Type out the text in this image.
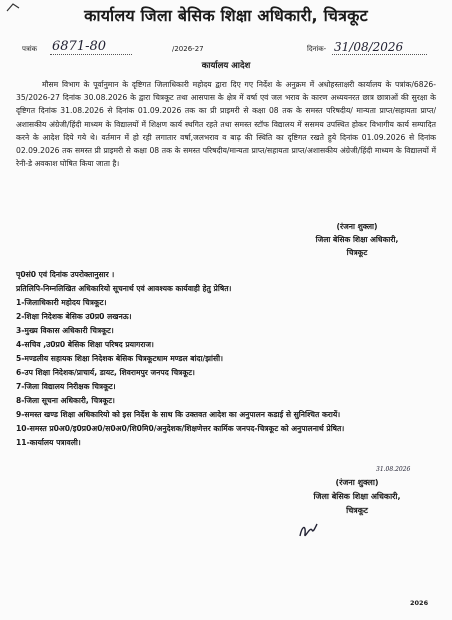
कार्यालय जिला बेसिक शिक्षा अधिकारी, चित्रकूट
पत्रांक 6871-80	/2026-27	दिनांक- 31/08/2026
कार्यालय आदेश
मौसम विभाग के पूर्वानुमान के दृष्टिगत जिलाधिकारी महोदय द्वारा दिए गए निर्देश के अनुक्रम में अधोहस्ताक्षरी कार्यालय के पत्रांक/6826-35/2026-27 दिनांक 30.08.2026 के द्वारा चित्रकूट तथा आसपास के क्षेत्र में वर्षा एवं जल भराव के कारण अध्ययनरत छात्र छात्राओं की सुरक्षा के दृष्टिगत दिनांक 31.08.2026 से दिनांक 01.09.2026 तक का प्री प्राइमरी से कक्षा 08 तक के समस्त परिषदीय/ मान्यता प्राप्त/सहायता प्राप्त/अशासकीय अंग्रेजी/हिंदी माध्यम के विद्यालयों में शिक्षण कार्य स्थगित रहते तथा समस्त स्टॉफ विद्यालय में ससमय उपस्थित होकर विभागीय कार्य सम्पादित करने के आदेश दिये गये थे। वर्तमान में हो रही लगातार वर्षा,जलभराव व बाढ़ की स्थिति का दृष्टिगत रखते हुये दिनांक 01.09.2026 से दिनांक 02.09.2026 तक समस्त प्री प्राइमरी से कक्षा 08 तक के समस्त परिषदीय/मान्यता प्राप्त/सहायता प्राप्त/अशासकीय अंग्रेजी/हिंदी माध्यम के विद्यालयों में रेनी-डे अवकाश घोषित किया जाता है।
(रंजना शुक्ला)
जिला बेसिक शिक्षा अधिकारी,
चित्रकूट
पृ0सं0 एवं दिनांक उपरोक्तानुसार ।
प्रतिलिपि-निम्नलिखित अधिकारियो सूचनार्थ एवं आवश्यक कार्यवाही हेतु प्रेषित।
1-जिलाधिकारी महोदय चित्रकूट।
2-शिक्षा निदेशक बेसिक उ0प्र0 लखनऊ।
3-मुख्य विकास अधिकारी चित्रकूट।
4-सचिव ,उ0प्र0 बेसिक शिक्षा परिषद प्रयागराज।
5-मण्डलीय सहायक शिक्षा निदेशक बेसिक चित्रकूटधाम मण्डल बांदा/झांसी।
6-उप शिक्षा निदेशक/प्राचार्य, डायट, शिवरामपुर जनपद चित्रकूट।
7-जिला विद्यालय निरीक्षक चित्रकूट।
8-जिला सूचना अधिकारी, चित्रकूट।
9-समस्त खण्ड शिक्षा अधिकारियो को इस निर्देश के साथ कि उक्तवत आदेश का अनुपालन कडाई से सुनिश्चित करायें।
10-समस्त प्र0अ0/इ0प्र0अ0/स0अ0/शि0मि0/अनुदेशक/शिक्षणेत्तर कार्मिक जनपद-चित्रकूट को अनुपालनार्थ प्रेषित।
11-कार्यालय पत्रावली।
31.08.2026
(रंजना शुक्ला)
जिला बेसिक शिक्षा अधिकारी,
चित्रकूट
2026
